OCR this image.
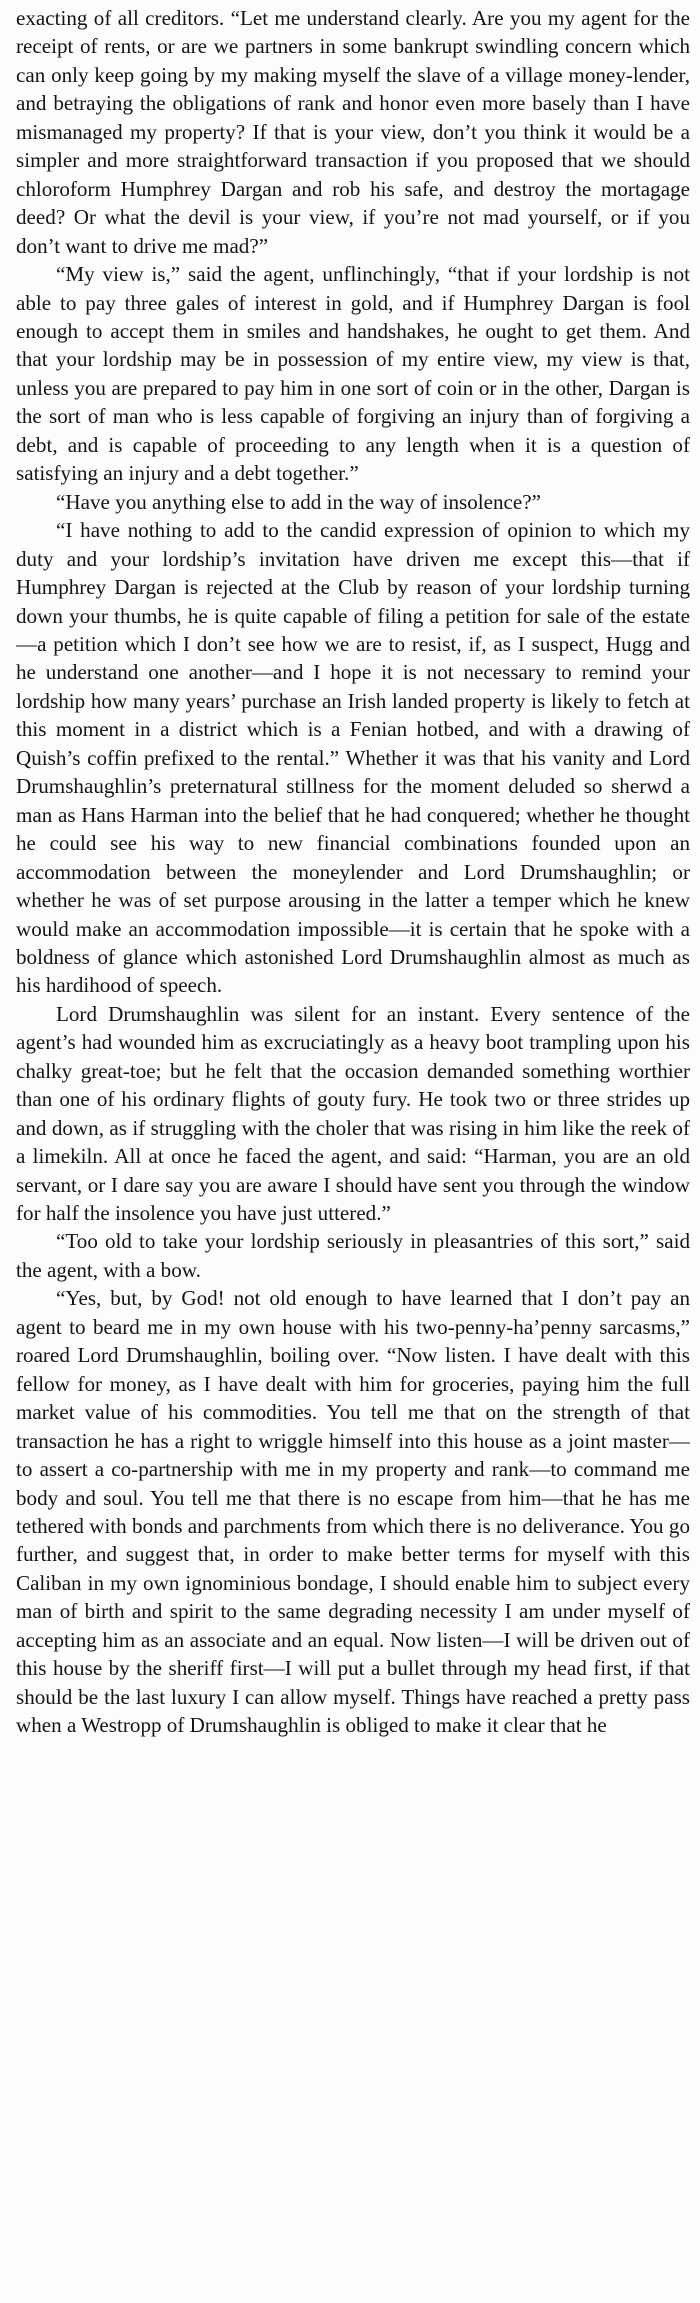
exacting of all creditors. “Let me understand clearly. Are you my agent for the receipt of rents, or are we partners in some bankrupt swindling concern which can only keep going by my making myself the slave of a village money-lender, and betraying the obligations of rank and honor even more basely than I have mismanaged my property? If that is your view, don’t you think it would be a simpler and more straightforward transaction if you proposed that we should chloroform Humphrey Dargan and rob his safe, and destroy the mortagage deed? Or what the devil is your view, if you’re not mad yourself, or if you don’t want to drive me mad?”

“My view is,” said the agent, unflinchingly, “that if your lordship is not able to pay three gales of interest in gold, and if Humphrey Dargan is fool enough to accept them in smiles and handshakes, he ought to get them. And that your lordship may be in possession of my entire view, my view is that, unless you are prepared to pay him in one sort of coin or in the other, Dargan is the sort of man who is less capable of forgiving an injury than of forgiving a debt, and is capable of proceeding to any length when it is a question of satisfying an injury and a debt together.”

“Have you anything else to add in the way of insolence?”

“I have nothing to add to the candid expression of opinion to which my duty and your lordship’s invitation have driven me except this—that if Humphrey Dargan is rejected at the Club by reason of your lordship turning down your thumbs, he is quite capable of filing a petition for sale of the estate—a petition which I don’t see how we are to resist, if, as I suspect, Hugg and he understand one another—and I hope it is not necessary to remind your lordship how many years’ purchase an Irish landed property is likely to fetch at this moment in a district which is a Fenian hotbed, and with a drawing of Quish’s coffin prefixed to the rental.” Whether it was that his vanity and Lord Drumshaughlin’s preternatural stillness for the moment deluded so sherwd a man as Hans Harman into the belief that he had conquered; whether he thought he could see his way to new financial combinations founded upon an accommodation between the moneylender and Lord Drumshaughlin; or whether he was of set purpose arousing in the latter a temper which he knew would make an accommodation impossible—it is certain that he spoke with a boldness of glance which astonished Lord Drumshaughlin almost as much as his hardihood of speech.

Lord Drumshaughlin was silent for an instant. Every sentence of the agent’s had wounded him as excruciatingly as a heavy boot trampling upon his chalky great-toe; but he felt that the occasion demanded something worthier than one of his ordinary flights of gouty fury. He took two or three strides up and down, as if struggling with the choler that was rising in him like the reek of a limekiln. All at once he faced the agent, and said: “Harman, you are an old servant, or I dare say you are aware I should have sent you through the window for half the insolence you have just uttered.”

“Too old to take your lordship seriously in pleasantries of this sort,” said the agent, with a bow.

“Yes, but, by God! not old enough to have learned that I don’t pay an agent to beard me in my own house with his two-penny-ha’penny sarcasms,” roared Lord Drumshaughlin, boiling over. “Now listen. I have dealt with this fellow for money, as I have dealt with him for groceries, paying him the full market value of his commodities. You tell me that on the strength of that transaction he has a right to wriggle himself into this house as a joint master—to assert a co-partnership with me in my property and rank—to command me body and soul. You tell me that there is no escape from him—that he has me tethered with bonds and parchments from which there is no deliverance. You go further, and suggest that, in order to make better terms for myself with this Caliban in my own ignominious bondage, I should enable him to subject every man of birth and spirit to the same degrading necessity I am under myself of accepting him as an associate and an equal. Now listen—I will be driven out of this house by the sheriff first—I will put a bullet through my head first, if that should be the last luxury I can allow myself. Things have reached a pretty pass when a Westropp of Drumshaughlin is obliged to make it clear that he
